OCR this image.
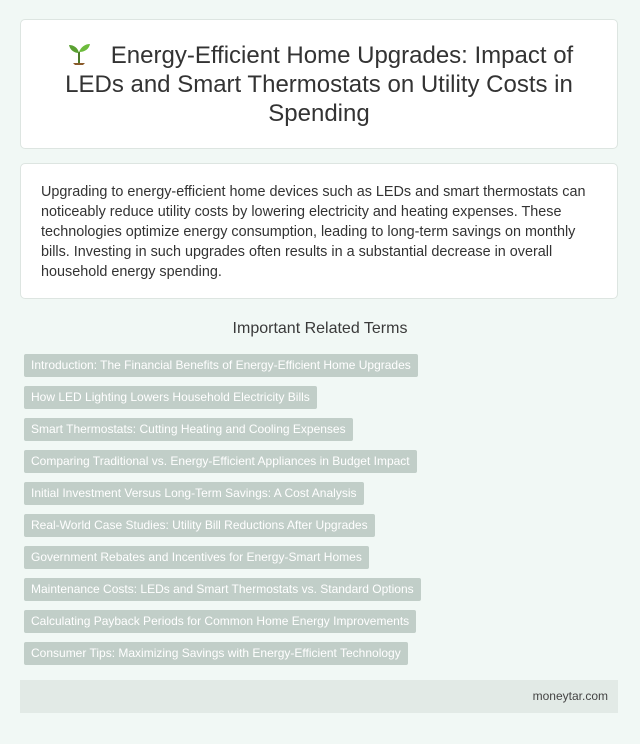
Energy-Efficient Home Upgrades: Impact of LEDs and Smart Thermostats on Utility Costs in Spending

Upgrading to energy-efficient home devices such as LEDs and smart thermostats can noticeably reduce utility costs by lowering electricity and heating expenses. These technologies optimize energy consumption, leading to long-term savings on monthly bills. Investing in such upgrades often results in a substantial decrease in overall household energy spending.

Important Related Terms
Introduction: The Financial Benefits of Energy-Efficient Home Upgrades
How LED Lighting Lowers Household Electricity Bills
Smart Thermostats: Cutting Heating and Cooling Expenses
Comparing Traditional vs. Energy-Efficient Appliances in Budget Impact
Initial Investment Versus Long-Term Savings: A Cost Analysis
Real-World Case Studies: Utility Bill Reductions After Upgrades
Government Rebates and Incentives for Energy-Smart Homes
Maintenance Costs: LEDs and Smart Thermostats vs. Standard Options
Calculating Payback Periods for Common Home Energy Improvements
Consumer Tips: Maximizing Savings with Energy-Efficient Technology
moneytar.com
